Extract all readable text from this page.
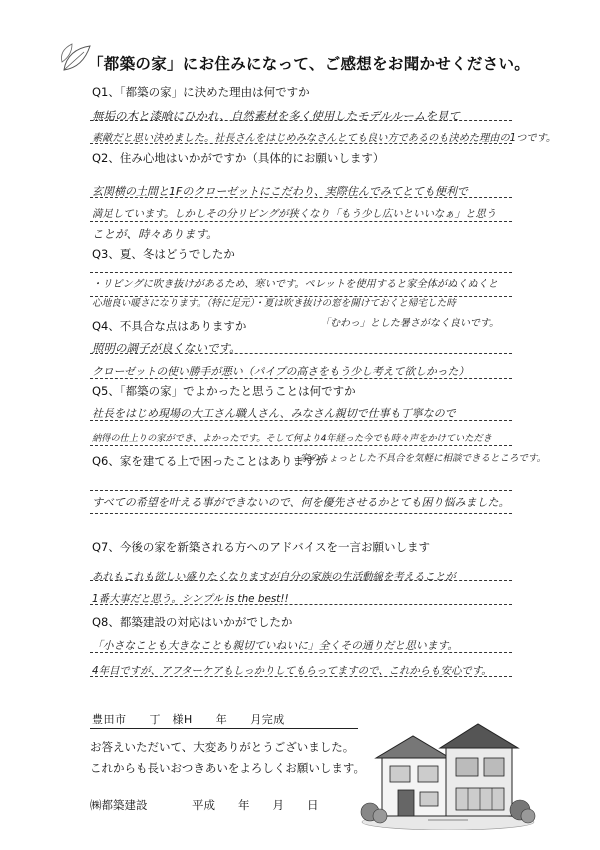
「都築の家」にお住みになって、ご感想をお聞かせください。
Q1、「都築の家」に決めた理由は何ですか
無垢の木と漆喰にひかれ、自然素材を多く使用したモデルルームを見て
素敵だと思い決めました。社長さんをはじめみなさんとても良い方であるのも決めた理由の1つです。
Q2、住み心地はいかがですか（具体的にお願いします）
玄関横の土間と1Fのクローゼットにこだわり、実際住んでみてとても便利で
満足しています。しかしその分リビングが狭くなり「もう少し広いといいなぁ」と思う
ことが、時々あります。
Q3、夏、冬はどうでしたか
・リビングに吹き抜けがあるため、寒いです。ペレットを使用すると家全体がぬくぬくと
心地良い暖さになります。（特に足元）・夏は吹き抜けの窓を開けておくと帰宅した時
「むわっ」とした暑さがなく良いです。
Q4、不具合な点はありますか
照明の調子が良くないです。
クローゼットの使い勝手が悪い（パイプの高さをもう少し考えて欲しかった）
Q5、「都築の家」でよかったと思うことは何ですか
社長をはじめ現場の大工さん職人さん、みなさん親切で仕事も丁寧なので
納得の仕上りの家ができ、よかったです。そして何より4年経った今でも時々声をかけていただき
家のちょっとした不具合を気軽に相談できるところです。
Q6、家を建てる上で困ったことはありますか
すべての希望を叶える事ができないので、何を優先させるかとても困り悩みました。
Q7、今後の家を新築される方へのアドバイスを一言お願いします
あれもこれも欲しい盛りたくなりますが自分の家族の生活動線を考えることが
1番大事だと思う。シンプル is the best!!
Q8、都築建設の対応はいかがでしたか
「小さなことも大きなことも親切ていねいに」全くその通りだと思います。
4年目ですが、アフターケアもしっかりしてもらってますので、これからも安心です。
豊田市　　丁　様H　　年　　月完成
お答えいただいて、大変ありがとうございました。
これからも長いおつきあいをよろしくお願いします。
㈱都築建設	平成　　年　　月　　日
